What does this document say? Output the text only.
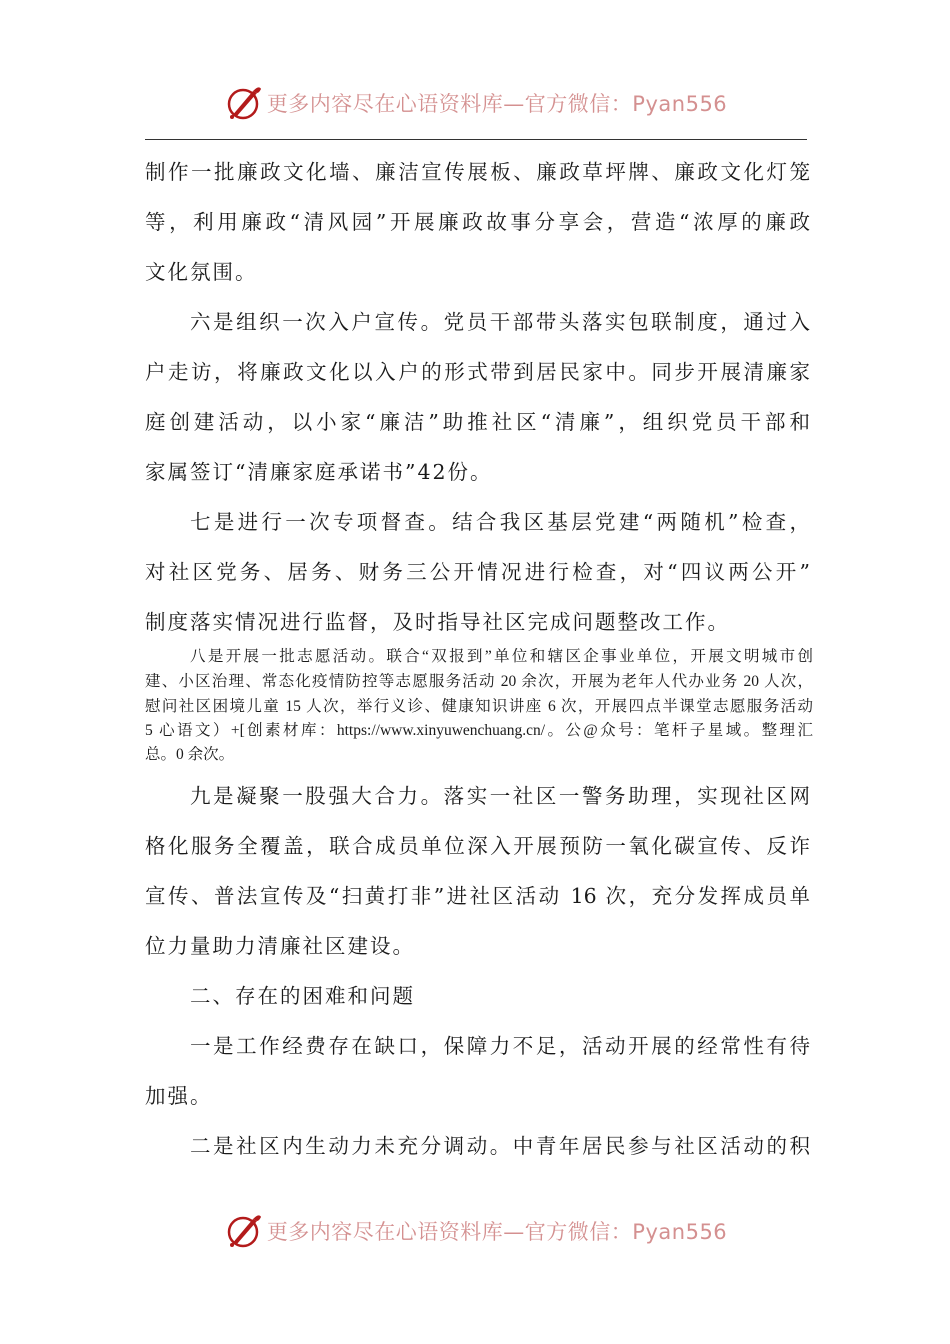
更多内容尽在心语资料库—官方微信：Pyan556

制作一批廉政文化墙、廉洁宣传展板、廉政草坪牌、廉政文化灯笼

等，利用廉政“清风园”开展廉政故事分享会，营造“浓厚的廉政

文化氛围。

六是组织一次入户宣传。党员干部带头落实包联制度，通过入

户走访，将廉政文化以入户的形式带到居民家中。同步开展清廉家

庭创建活动，以小家“廉洁”助推社区“清廉”，组织党员干部和

家属签订“清廉家庭承诺书”42份。

七是进行一次专项督查。结合我区基层党建“两随机”检查，

对社区党务、居务、财务三公开情况进行检查，对“四议两公开”

制度落实情况进行监督，及时指导社区完成问题整改工作。

八是开展一批志愿活动。联合“双报到”单位和辖区企事业单位，开展文明城市创

建、小区治理、常态化疫情防控等志愿服务活动 20 余次，开展为老年人代办业务 20 人次，

慰问社区困境儿童 15 人次，举行义诊、健康知识讲座 6 次，开展四点半课堂志愿服务活动

5 心语文）+[创素材库：https://www.xinyuwenchuang.cn/。公@众号：笔杆子星域。整理汇

总。0 余次。

九是凝聚一股强大合力。落实一社区一警务助理，实现社区网

格化服务全覆盖，联合成员单位深入开展预防一氧化碳宣传、反诈

宣传、普法宣传及“扫黄打非”进社区活动 16 次，充分发挥成员单

位力量助力清廉社区建设。

二、存在的困难和问题

一是工作经费存在缺口，保障力不足，活动开展的经常性有待

加强。

二是社区内生动力未充分调动。中青年居民参与社区活动的积

更多内容尽在心语资料库—官方微信：Pyan556
